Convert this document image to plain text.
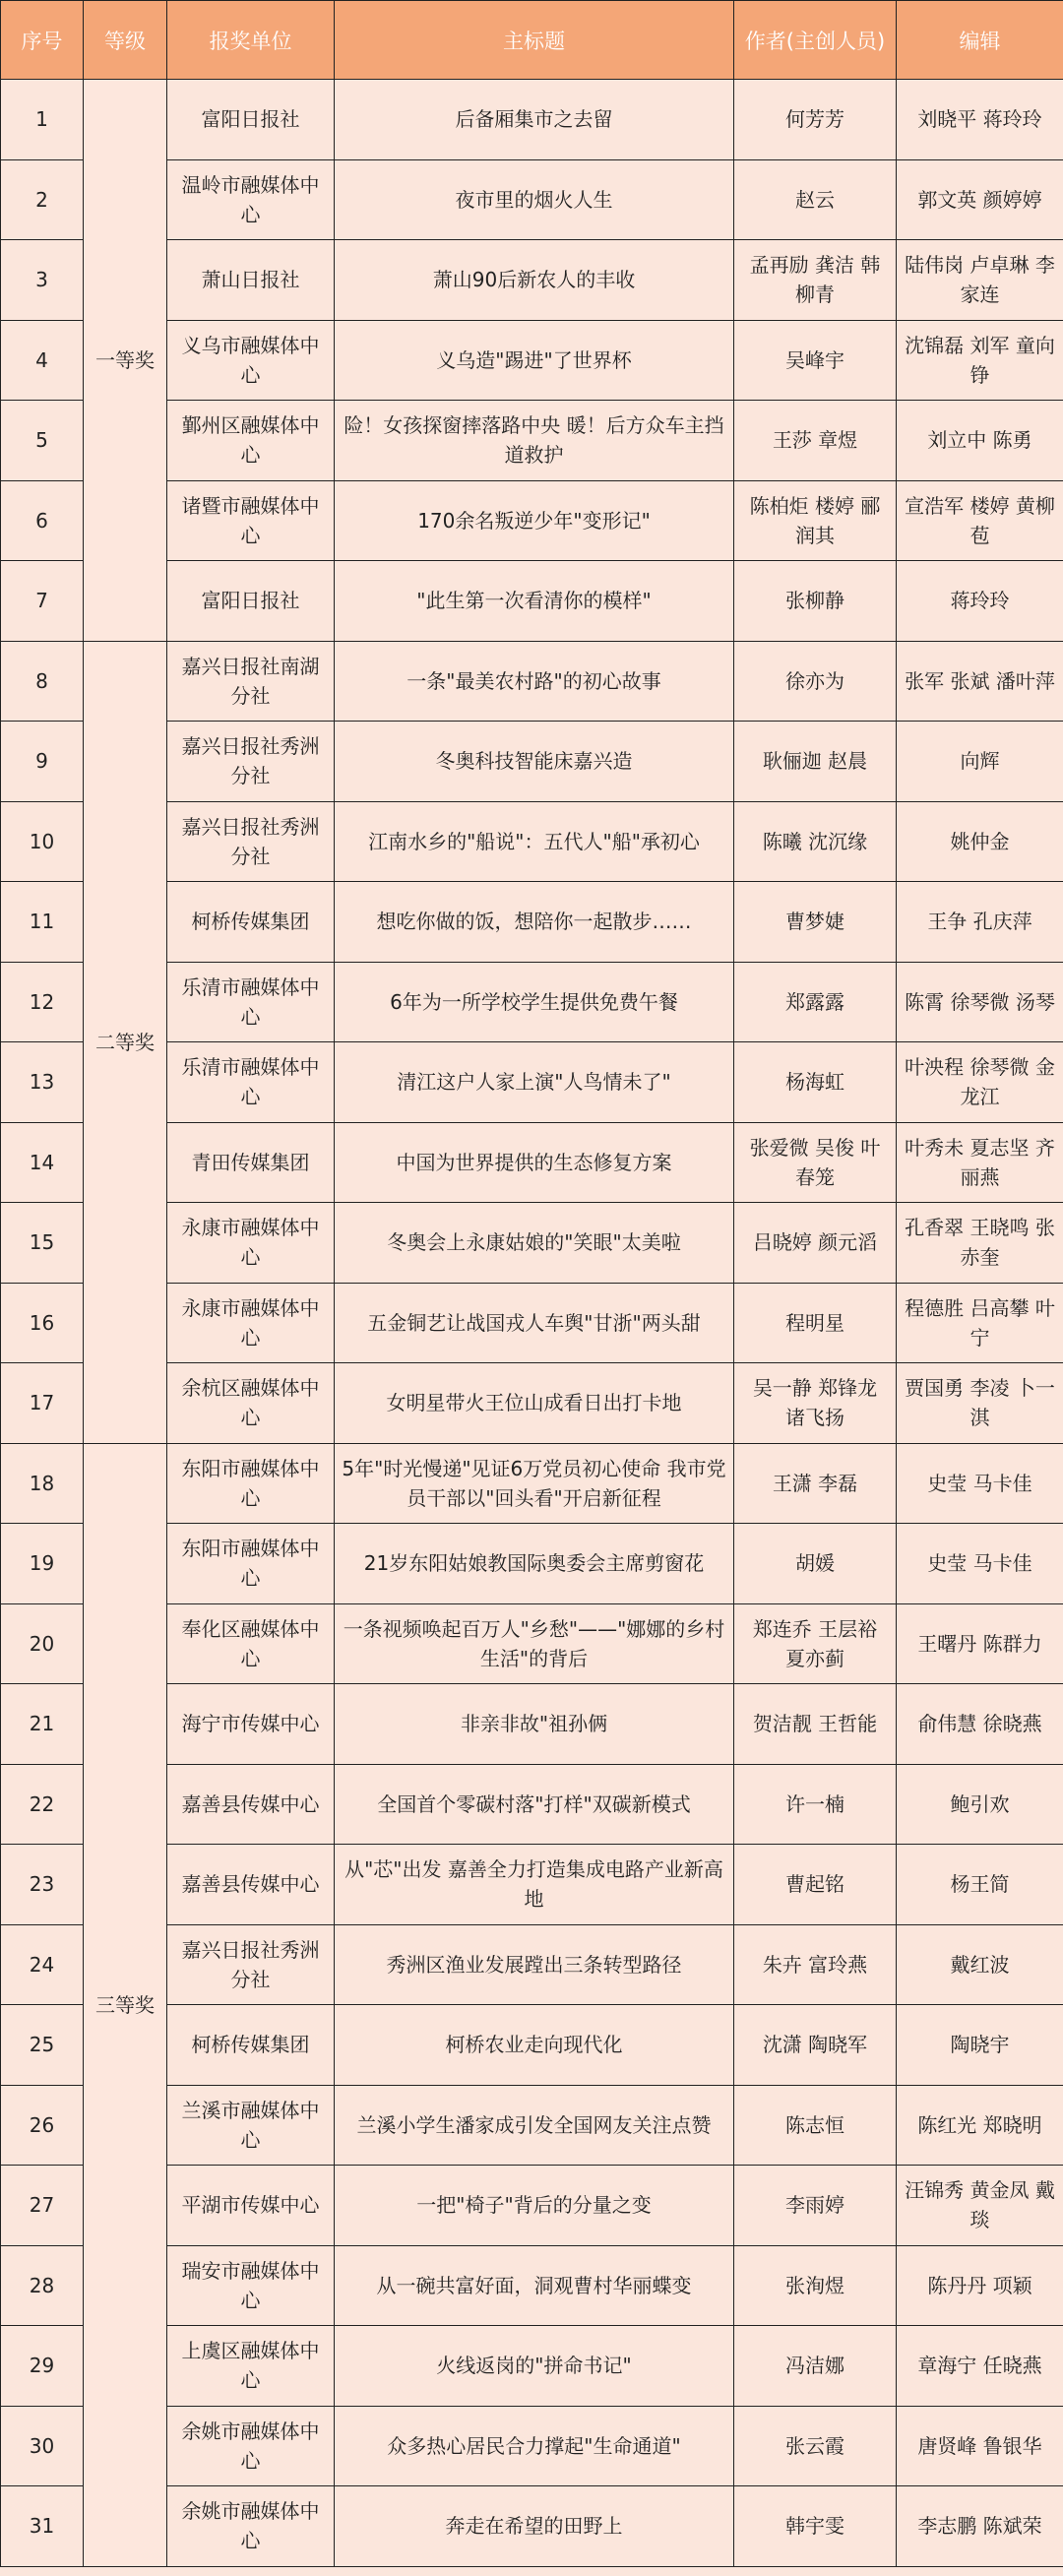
序号	等级	报奖单位	主标题	作者(主创人员)	编辑
1	一等奖	富阳日报社	后备厢集市之去留	何芳芳	刘晓平 蒋玲玲
2		温岭市融媒体中心	夜市里的烟火人生	赵云	郭文英 颜婷婷
3		萧山日报社	萧山90后新农人的丰收	孟再励 龚洁 韩柳青	陆伟岗 卢卓琳 李家连
4		义乌市融媒体中心	义乌造"踢进"了世界杯	吴峰宇	沈锦磊 刘军 童向铮
5		鄞州区融媒体中心	险！女孩探窗摔落路中央 暖！后方众车主挡道救护	王莎 章煜	刘立中 陈勇
6		诸暨市融媒体中心	170余名叛逆少年"变形记"	陈柏炬 楼婷 郦润其	宣浩军 楼婷 黄柳苞
7		富阳日报社	"此生第一次看清你的模样"	张柳静	蒋玲玲
8	二等奖	嘉兴日报社南湖分社	一条"最美农村路"的初心故事	徐亦为	张军 张斌 潘叶萍
9		嘉兴日报社秀洲分社	冬奥科技智能床嘉兴造	耿俪迦 赵晨	向辉
10		嘉兴日报社秀洲分社	江南水乡的"船说"：五代人"船"承初心	陈曦 沈沉缘	姚仲金
11		柯桥传媒集团	想吃你做的饭，想陪你一起散步……	曹梦婕	王争 孔庆萍
12		乐清市融媒体中心	6年为一所学校学生提供免费午餐	郑露露	陈霄 徐琴微 汤琴
13		乐清市融媒体中心	清江这户人家上演"人鸟情未了"	杨海虹	叶泱程 徐琴微 金龙江
14		青田传媒集团	中国为世界提供的生态修复方案	张爱微 吴俊 叶春笼	叶秀未 夏志坚 齐丽燕
15		永康市融媒体中心	冬奥会上永康姑娘的"笑眼"太美啦	吕晓婷 颜元滔	孔香翠 王晓鸣 张赤奎
16		永康市融媒体中心	五金铜艺让战国戎人车舆"甘浙"两头甜	程明星	程德胜 吕高攀 叶宁
17		余杭区融媒体中心	女明星带火王位山成看日出打卡地	吴一静 郑锋龙 诸飞扬	贾国勇 李凌 卜一淇
18	三等奖	东阳市融媒体中心	5年"时光慢递"见证6万党员初心使命 我市党员干部以"回头看"开启新征程	王潇 李磊	史莹 马卡佳
19		东阳市融媒体中心	21岁东阳姑娘教国际奥委会主席剪窗花	胡媛	史莹 马卡佳
20		奉化区融媒体中心	一条视频唤起百万人"乡愁"——"娜娜的乡村生活"的背后	郑连乔 王层裕 夏亦蓟	王曙丹 陈群力
21		海宁市传媒中心	非亲非故"祖孙俩	贺洁靓 王哲能	俞伟慧 徐晓燕
22		嘉善县传媒中心	全国首个零碳村落"打样"双碳新模式	许一楠	鲍引欢
23		嘉善县传媒中心	从"芯"出发 嘉善全力打造集成电路产业新高地	曹起铭	杨王简
24		嘉兴日报社秀洲分社	秀洲区渔业发展蹚出三条转型路径	朱卉 富玲燕	戴红波
25		柯桥传媒集团	柯桥农业走向现代化	沈潇 陶晓军	陶晓宇
26		兰溪市融媒体中心	兰溪小学生潘家成引发全国网友关注点赞	陈志恒	陈红光 郑晓明
27		平湖市传媒中心	一把"椅子"背后的分量之变	李雨婷	汪锦秀 黄金凤 戴琰
28		瑞安市融媒体中心	从一碗共富好面，洞观曹村华丽蝶变	张洵煜	陈丹丹 项颖
29		上虞区融媒体中心	火线返岗的"拼命书记"	冯洁娜	章海宁 任晓燕
30		余姚市融媒体中心	众多热心居民合力撑起"生命通道"	张云霞	唐贤峰 鲁银华
31		余姚市融媒体中心	奔走在希望的田野上	韩宇雯	李志鹏 陈斌荣
